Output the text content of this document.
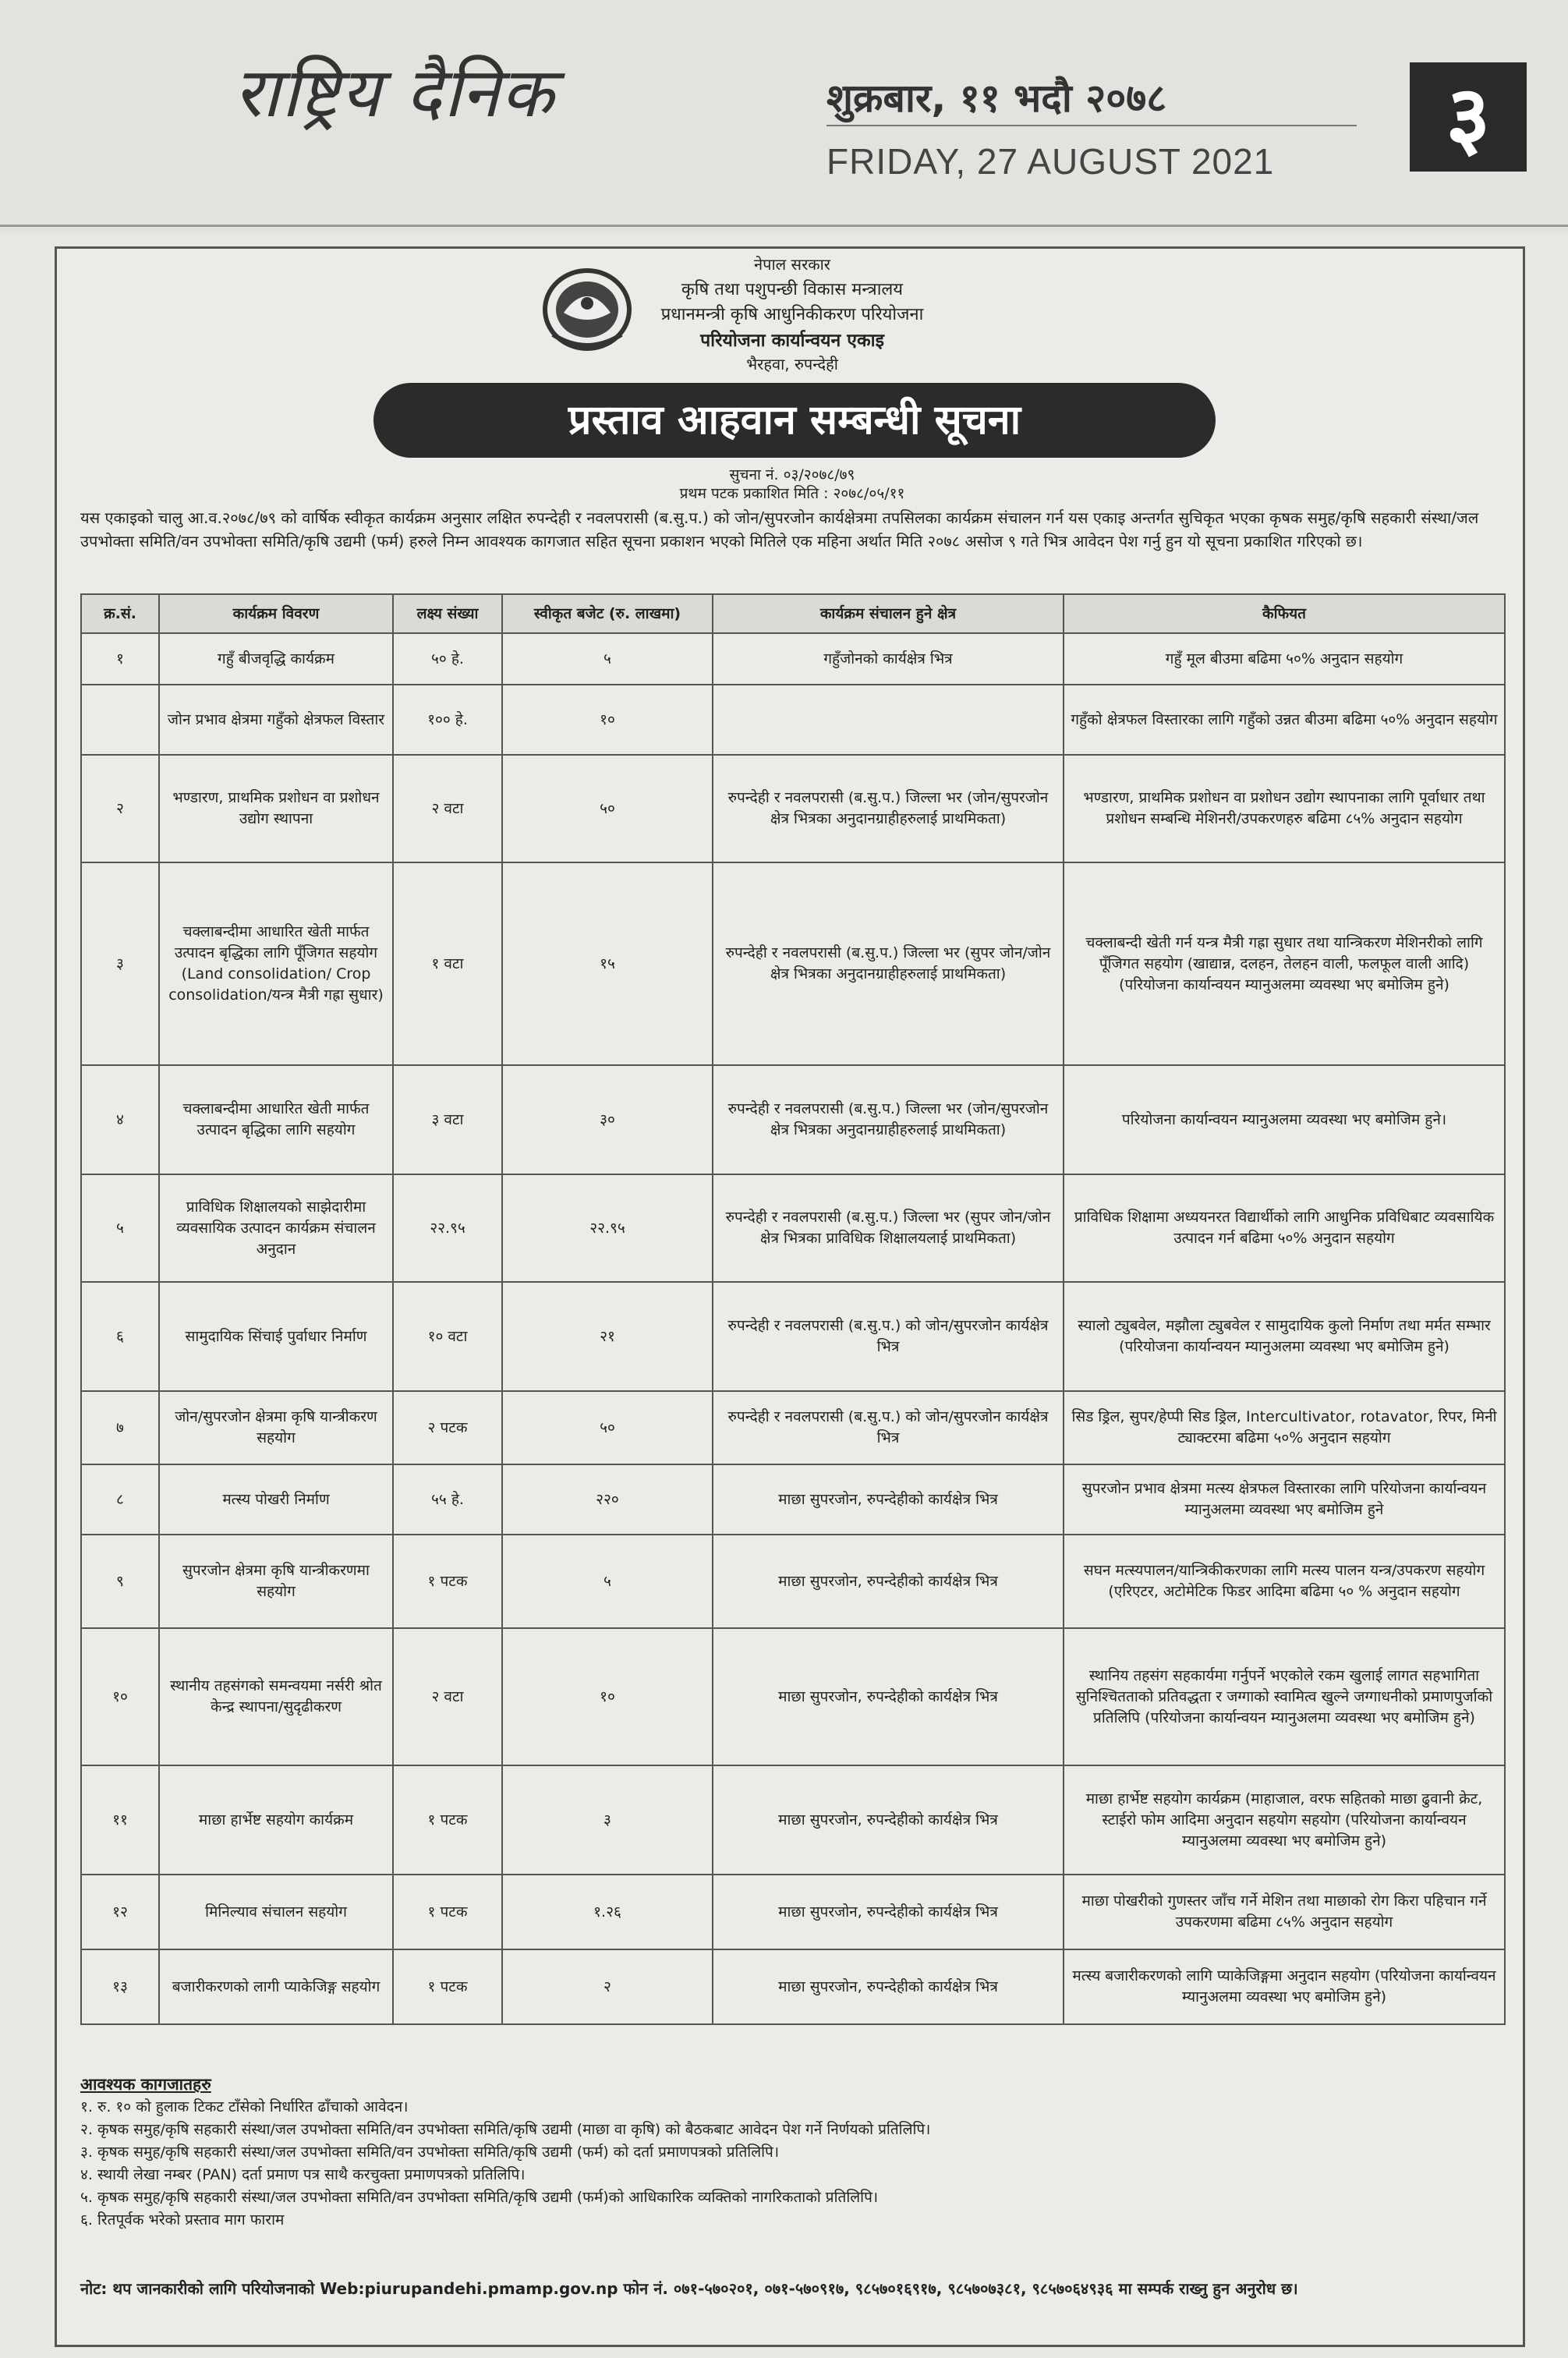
राष्ट्रिय दैनिक	शुक्रबार, ११ भदौ २०७८
FRIDAY, 27 AUGUST 2021	३
नेपाल सरकार
कृषि तथा पशुपन्छी विकास मन्त्रालय
प्रधानमन्त्री कृषि आधुनिकीकरण परियोजना
परियोजना कार्यान्वयन एकाइ
भैरहवा, रुपन्देही
प्रस्ताव आहवान सम्बन्धी सूचना
सुचना नं. ०३/२०७८/७९
प्रथम पटक प्रकाशित मिति : २०७८/०५/११
यस एकाइको चालु आ.व.२०७८/७९ को वार्षिक स्वीकृत कार्यक्रम अनुसार लक्षित रुपन्देही र नवलपरासी (ब.सु.प.) को जोन/सुपरजोन कार्यक्षेत्रमा तपसिलका कार्यक्रम संचालन गर्न यस एकाइ अन्तर्गत सुचिकृत भएका कृषक समुह/कृषि सहकारी संस्था/जल उपभोक्ता समिति/वन उपभोक्ता समिति/कृषि उद्यमी (फर्म) हरुले निम्न आवश्यक कागजात सहित सूचना प्रकाशन भएको मितिले एक महिना अर्थात मिति २०७८ असोज ९ गते भित्र आवेदन पेश गर्नु हुन यो सूचना प्रकाशित गरिएको छ।
क्र.सं.	कार्यक्रम विवरण	लक्ष्य संख्या	स्वीकृत बजेट (रु. लाखमा)	कार्यक्रम संचालन हुने क्षेत्र	कैफियत
१	गहुँ बीजवृद्धि कार्यक्रम	५० हे.	५	गहुँजोनको कार्यक्षेत्र भित्र	गहुँ मूल बीउमा बढिमा ५०% अनुदान सहयोग
	जोन प्रभाव क्षेत्रमा गहुँको क्षेत्रफल विस्तार	१०० हे.	१०		गहुँको क्षेत्रफल विस्तारका लागि गहुँको उन्नत बीउमा बढिमा ५०% अनुदान सहयोग
२	भण्डारण, प्राथमिक प्रशोधन वा प्रशोधन उद्योग स्थापना	२ वटा	५०	रुपन्देही र नवलपरासी (ब.सु.प.) जिल्ला भर (जोन/सुपरजोन क्षेत्र भित्रका अनुदानग्राहीहरुलाई प्राथमिकता)	भण्डारण, प्राथमिक प्रशोधन वा प्रशोधन उद्योग स्थापनाका लागि पूर्वाधार तथा प्रशोधन सम्बन्धि मेशिनरी/उपकरणहरु बढिमा ८५% अनुदान सहयोग
३	चक्लाबन्दीमा आधारित खेती मार्फत उत्पादन बृद्धिका लागि पूँजिगत सहयोग (Land consolidation/ Crop consolidation/यन्त्र मैत्री गह्रा सुधार)	१ वटा	१५	रुपन्देही र नवलपरासी (ब.सु.प.) जिल्ला भर (सुपर जोन/जोन क्षेत्र भित्रका अनुदानग्राहीहरुलाई प्राथमिकता)	चक्लाबन्दी खेती गर्न यन्त्र मैत्री गह्रा सुधार तथा यान्त्रिकरण मेशिनरीको लागि पूँजिगत सहयोग (खाद्यान्न, दलहन, तेलहन वाली, फलफूल वाली आदि) (परियोजना कार्यान्वयन म्यानुअलमा व्यवस्था भए बमोजिम हुने)
४	चक्लाबन्दीमा आधारित खेती मार्फत उत्पादन बृद्धिका लागि सहयोग	३ वटा	३०	रुपन्देही र नवलपरासी (ब.सु.प.) जिल्ला भर (जोन/सुपरजोन क्षेत्र भित्रका अनुदानग्राहीहरुलाई प्राथमिकता)	परियोजना कार्यान्वयन म्यानुअलमा व्यवस्था भए बमोजिम हुने।
५	प्राविधिक शिक्षालयको साझेदारीमा व्यवसायिक उत्पादन कार्यक्रम संचालन अनुदान	२२.९५	२२.९५	रुपन्देही र नवलपरासी (ब.सु.प.) जिल्ला भर (सुपर जोन/जोन क्षेत्र भित्रका प्राविधिक शिक्षालयलाई प्राथमिकता)	प्राविधिक शिक्षामा अध्ययनरत विद्यार्थीको लागि आधुनिक प्रविधिबाट व्यवसायिक उत्पादन गर्न बढिमा ५०% अनुदान सहयोग
६	सामुदायिक सिंचाई पुर्वाधार निर्माण	१० वटा	२१	रुपन्देही र नवलपरासी (ब.सु.प.) को जोन/सुपरजोन कार्यक्षेत्र भित्र	स्यालो ट्युबवेल, मझौला ट्युबवेल र सामुदायिक कुलो निर्माण तथा मर्मत सम्भार (परियोजना कार्यान्वयन म्यानुअलमा व्यवस्था भए बमोजिम हुने)
७	जोन/सुपरजोन क्षेत्रमा कृषि यान्त्रीकरण सहयोग	२ पटक	५०	रुपन्देही र नवलपरासी (ब.सु.प.) को जोन/सुपरजोन कार्यक्षेत्र भित्र	सिड ड्रिल, सुपर/हेप्पी सिड ड्रिल, Intercultivator, rotavator, रिपर, मिनी ट्याक्टरमा बढिमा ५०% अनुदान सहयोग
८	मत्स्य पोखरी निर्माण	५५ हे.	२२०	माछा सुपरजोन, रुपन्देहीको कार्यक्षेत्र भित्र	सुपरजोन प्रभाव क्षेत्रमा मत्स्य क्षेत्रफल विस्तारका लागि परियोजना कार्यान्वयन म्यानुअलमा व्यवस्था भए बमोजिम हुने
९	सुपरजोन क्षेत्रमा कृषि यान्त्रीकरणमा सहयोग	१ पटक	५	माछा सुपरजोन, रुपन्देहीको कार्यक्षेत्र भित्र	सघन मत्स्यपालन/यान्त्रिकीकरणका लागि मत्स्य पालन यन्त्र/उपकरण सहयोग (एरिएटर, अटोमेटिक फिडर आदिमा बढिमा ५० % अनुदान सहयोग
१०	स्थानीय तहसंगको समन्वयमा नर्सरी श्रोत केन्द्र स्थापना/सुदृढीकरण	२ वटा	१०	माछा सुपरजोन, रुपन्देहीको कार्यक्षेत्र भित्र	स्थानिय तहसंग सहकार्यमा गर्नुपर्ने भएकोले रकम खुलाई लागत सहभागिता सुनिश्चितताको प्रतिवद्धता र जग्गाको स्वामित्व खुल्ने जग्गाधनीको प्रमाणपुर्जाको प्रतिलिपि (परियोजना कार्यान्वयन म्यानुअलमा व्यवस्था भए बमोजिम हुने)
११	माछा हार्भेष्ट सहयोग कार्यक्रम	१ पटक	३	माछा सुपरजोन, रुपन्देहीको कार्यक्षेत्र भित्र	माछा हार्भेष्ट सहयोग कार्यक्रम (माहाजाल, वरफ सहितको माछा ढुवानी क्रेट, स्टाईरो फोम आदिमा अनुदान सहयोग सहयोग (परियोजना कार्यान्वयन म्यानुअलमा व्यवस्था भए बमोजिम हुने)
१२	मिनिल्याव संचालन सहयोग	१ पटक	१.२६	माछा सुपरजोन, रुपन्देहीको कार्यक्षेत्र भित्र	माछा पोखरीको गुणस्तर जाँच गर्ने मेशिन तथा माछाको रोग किरा पहिचान गर्ने उपकरणमा बढिमा ८५% अनुदान सहयोग
१३	बजारीकरणको लागी प्याकेजिङ्ग सहयोग	१ पटक	२	माछा सुपरजोन, रुपन्देहीको कार्यक्षेत्र भित्र	मत्स्य बजारीकरणको लागि प्याकेजिङ्गमा अनुदान सहयोग (परियोजना कार्यान्वयन म्यानुअलमा व्यवस्था भए बमोजिम हुने)
आवश्यक कागजातहरु
१. रु. १० को हुलाक टिकट टाँसेको निर्धारित ढाँचाको आवेदन।
२. कृषक समुह/कृषि सहकारी संस्था/जल उपभोक्ता समिति/वन उपभोक्ता समिति/कृषि उद्यमी (माछा वा कृषि) को बैठकबाट आवेदन पेश गर्ने निर्णयको प्रतिलिपि।
३. कृषक समुह/कृषि सहकारी संस्था/जल उपभोक्ता समिति/वन उपभोक्ता समिति/कृषि उद्यमी (फर्म) को दर्ता प्रमाणपत्रको प्रतिलिपि।
४. स्थायी लेखा नम्बर (PAN) दर्ता प्रमाण पत्र साथै करचुक्ता प्रमाणपत्रको प्रतिलिपि।
५. कृषक समुह/कृषि सहकारी संस्था/जल उपभोक्ता समिति/वन उपभोक्ता समिति/कृषि उद्यमी (फर्म)को आधिकारिक व्यक्तिको नागरिकताको प्रतिलिपि।
६. रितपूर्वक भरेको प्रस्ताव माग फाराम
नोट: थप जानकारीको लागि परियोजनाको Web:piurupandehi.pmamp.gov.np फोन नं. ०७१-५७०२०१, ०७१-५७०९१७, ९८५७०१६९१७, ९८५७०७३८१, ९८५७०६४९३६ मा सम्पर्क राख्नु हुन अनुरोध छ।
